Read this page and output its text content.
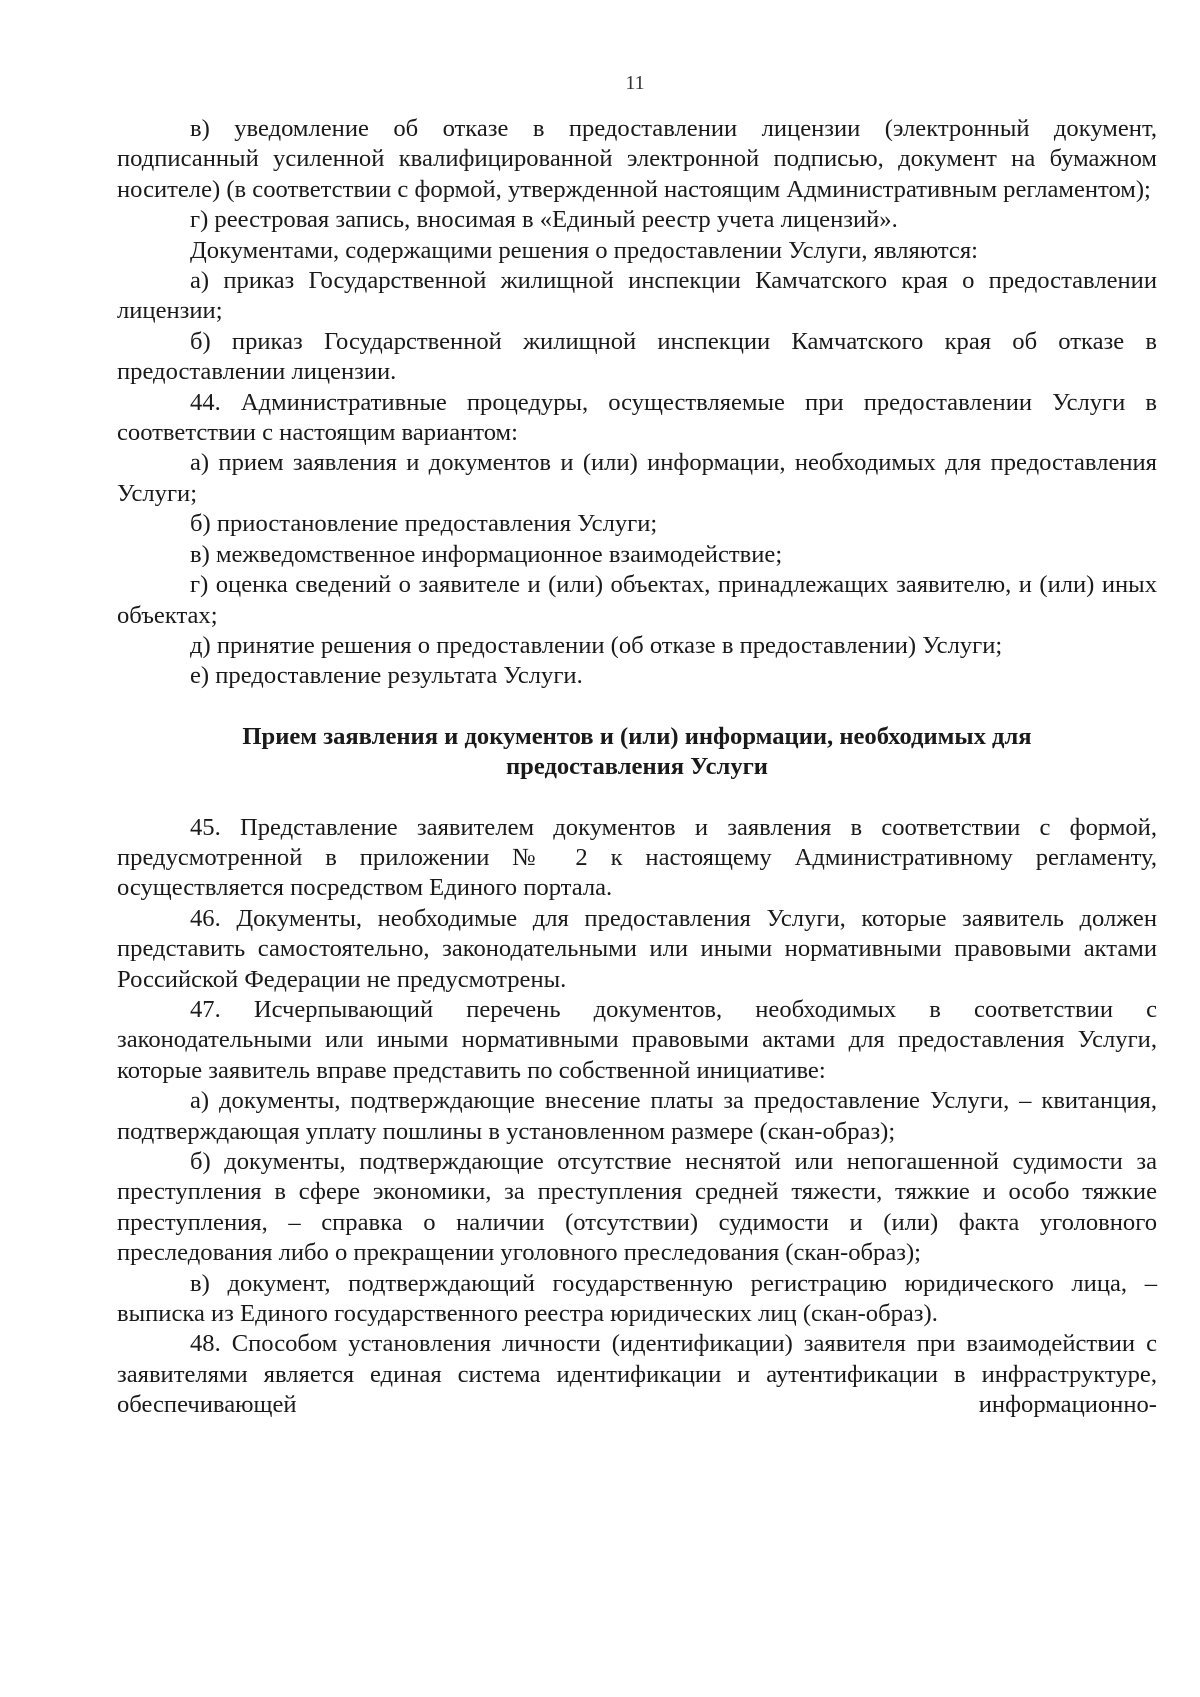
11

в) уведомление об отказе в предоставлении лицензии (электронный документ, подписанный усиленной квалифицированной электронной подписью, документ на бумажном носителе) (в соответствии с формой, утвержденной настоящим Административным регламентом);

г) реестровая запись, вносимая в «Единый реестр учета лицензий».

Документами, содержащими решения о предоставлении Услуги, являются:

а) приказ Государственной жилищной инспекции Камчатского края о предоставлении лицензии;

б) приказ Государственной жилищной инспекции Камчатского края об отказе в предоставлении лицензии.

44. Административные процедуры, осуществляемые при предоставлении Услуги в соответствии с настоящим вариантом:

а) прием заявления и документов и (или) информации, необходимых для предоставления Услуги;

б) приостановление предоставления Услуги;

в) межведомственное информационное взаимодействие;

г) оценка сведений о заявителе и (или) объектах, принадлежащих заявителю, и (или) иных объектах;

д) принятие решения о предоставлении (об отказе в предоставлении) Услуги;

е) предоставление результата Услуги.

Прием заявления и документов и (или) информации, необходимых для
предоставления Услуги

45. Представление заявителем документов и заявления в соответствии с формой, предусмотренной в приложении № 2 к настоящему Административному регламенту, осуществляется посредством Единого портала.

46. Документы, необходимые для предоставления Услуги, которые заявитель должен представить самостоятельно, законодательными или иными нормативными правовыми актами Российской Федерации не предусмотрены.

47. Исчерпывающий перечень документов, необходимых в соответствии с законодательными или иными нормативными правовыми актами для предоставления Услуги, которые заявитель вправе представить по собственной инициативе:

а) документы, подтверждающие внесение платы за предоставление Услуги, – квитанция, подтверждающая уплату пошлины в установленном размере (скан-образ);

б) документы, подтверждающие отсутствие неснятой или непогашенной судимости за преступления в сфере экономики, за преступления средней тяжести, тяжкие и особо тяжкие преступления, – справка о наличии (отсутствии) судимости и (или) факта уголовного преследования либо о прекращении уголовного преследования (скан-образ);

в) документ, подтверждающий государственную регистрацию юридического лица, – выписка из Единого государственного реестра юридических лиц (скан-образ).

48. Способом установления личности (идентификации) заявителя при взаимодействии с заявителями является единая система идентификации и аутентификации в инфраструктуре, обеспечивающей информационно-
